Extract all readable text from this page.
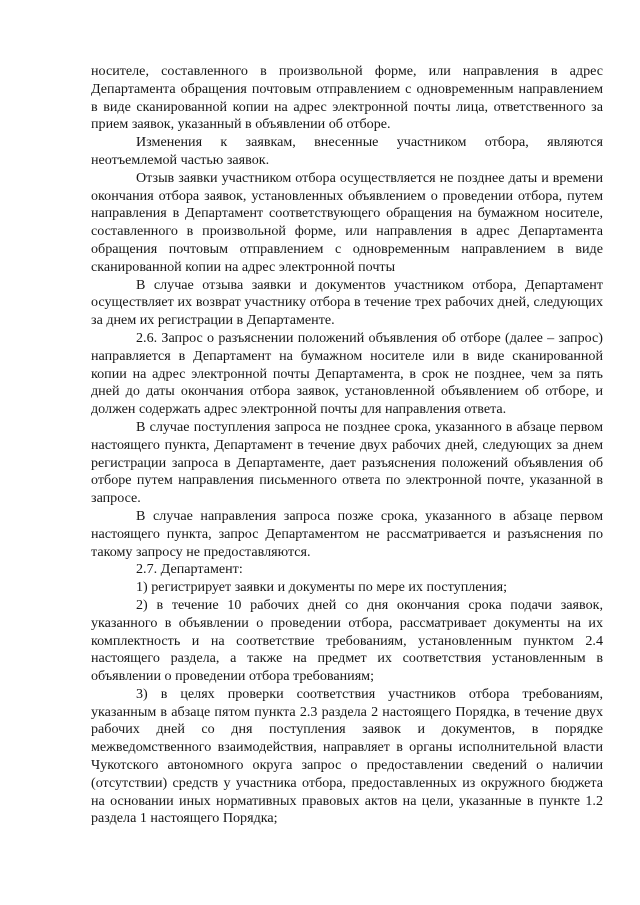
носителе, составленного в произвольной форме, или направления в адрес Департамента обращения почтовым отправлением с одновременным направлением в виде сканированной копии на адрес электронной почты лица, ответственного за прием заявок, указанный в объявлении об отборе.

Изменения к заявкам, внесенные участником отбора, являются неотъемлемой частью заявок.

Отзыв заявки участником отбора осуществляется не позднее даты и времени окончания отбора заявок, установленных объявлением о проведении отбора, путем направления в Департамент соответствующего обращения на бумажном носителе, составленного в произвольной форме, или направления в адрес Департамента обращения почтовым отправлением с одновременным направлением в виде сканированной копии на адрес электронной почты

В случае отзыва заявки и документов участником отбора, Департамент осуществляет их возврат участнику отбора в течение трех рабочих дней, следующих за днем их регистрации в Департаменте.

2.6. Запрос о разъяснении положений объявления об отборе (далее – запрос) направляется в Департамент на бумажном носителе или в виде сканированной копии на адрес электронной почты Департамента, в срок не позднее, чем за пять дней до даты окончания отбора заявок, установленной объявлением об отборе, и должен содержать адрес электронной почты для направления ответа.

В случае поступления запроса не позднее срока, указанного в абзаце первом настоящего пункта, Департамент в течение двух рабочих дней, следующих за днем регистрации запроса в Департаменте, дает разъяснения положений объявления об отборе путем направления письменного ответа по электронной почте, указанной в запросе.

В случае направления запроса позже срока, указанного в абзаце первом настоящего пункта, запрос Департаментом не рассматривается и разъяснения по такому запросу не предоставляются.

2.7. Департамент:

1) регистрирует заявки и документы по мере их поступления;

2) в течение 10 рабочих дней со дня окончания срока подачи заявок, указанного в объявлении о проведении отбора, рассматривает документы на их комплектность и на соответствие требованиям, установленным пунктом 2.4 настоящего раздела, а также на предмет их соответствия установленным в объявлении о проведении отбора требованиям;

3) в целях проверки соответствия участников отбора требованиям, указанным в абзаце пятом пункта 2.3 раздела 2 настоящего Порядка, в течение двух рабочих дней со дня поступления заявок и документов, в порядке межведомственного взаимодействия, направляет в органы исполнительной власти Чукотского автономного округа запрос о предоставлении сведений о наличии (отсутствии) средств у участника отбора, предоставленных из окружного бюджета на основании иных нормативных правовых актов на цели, указанные в пункте 1.2 раздела 1 настоящего Порядка;
